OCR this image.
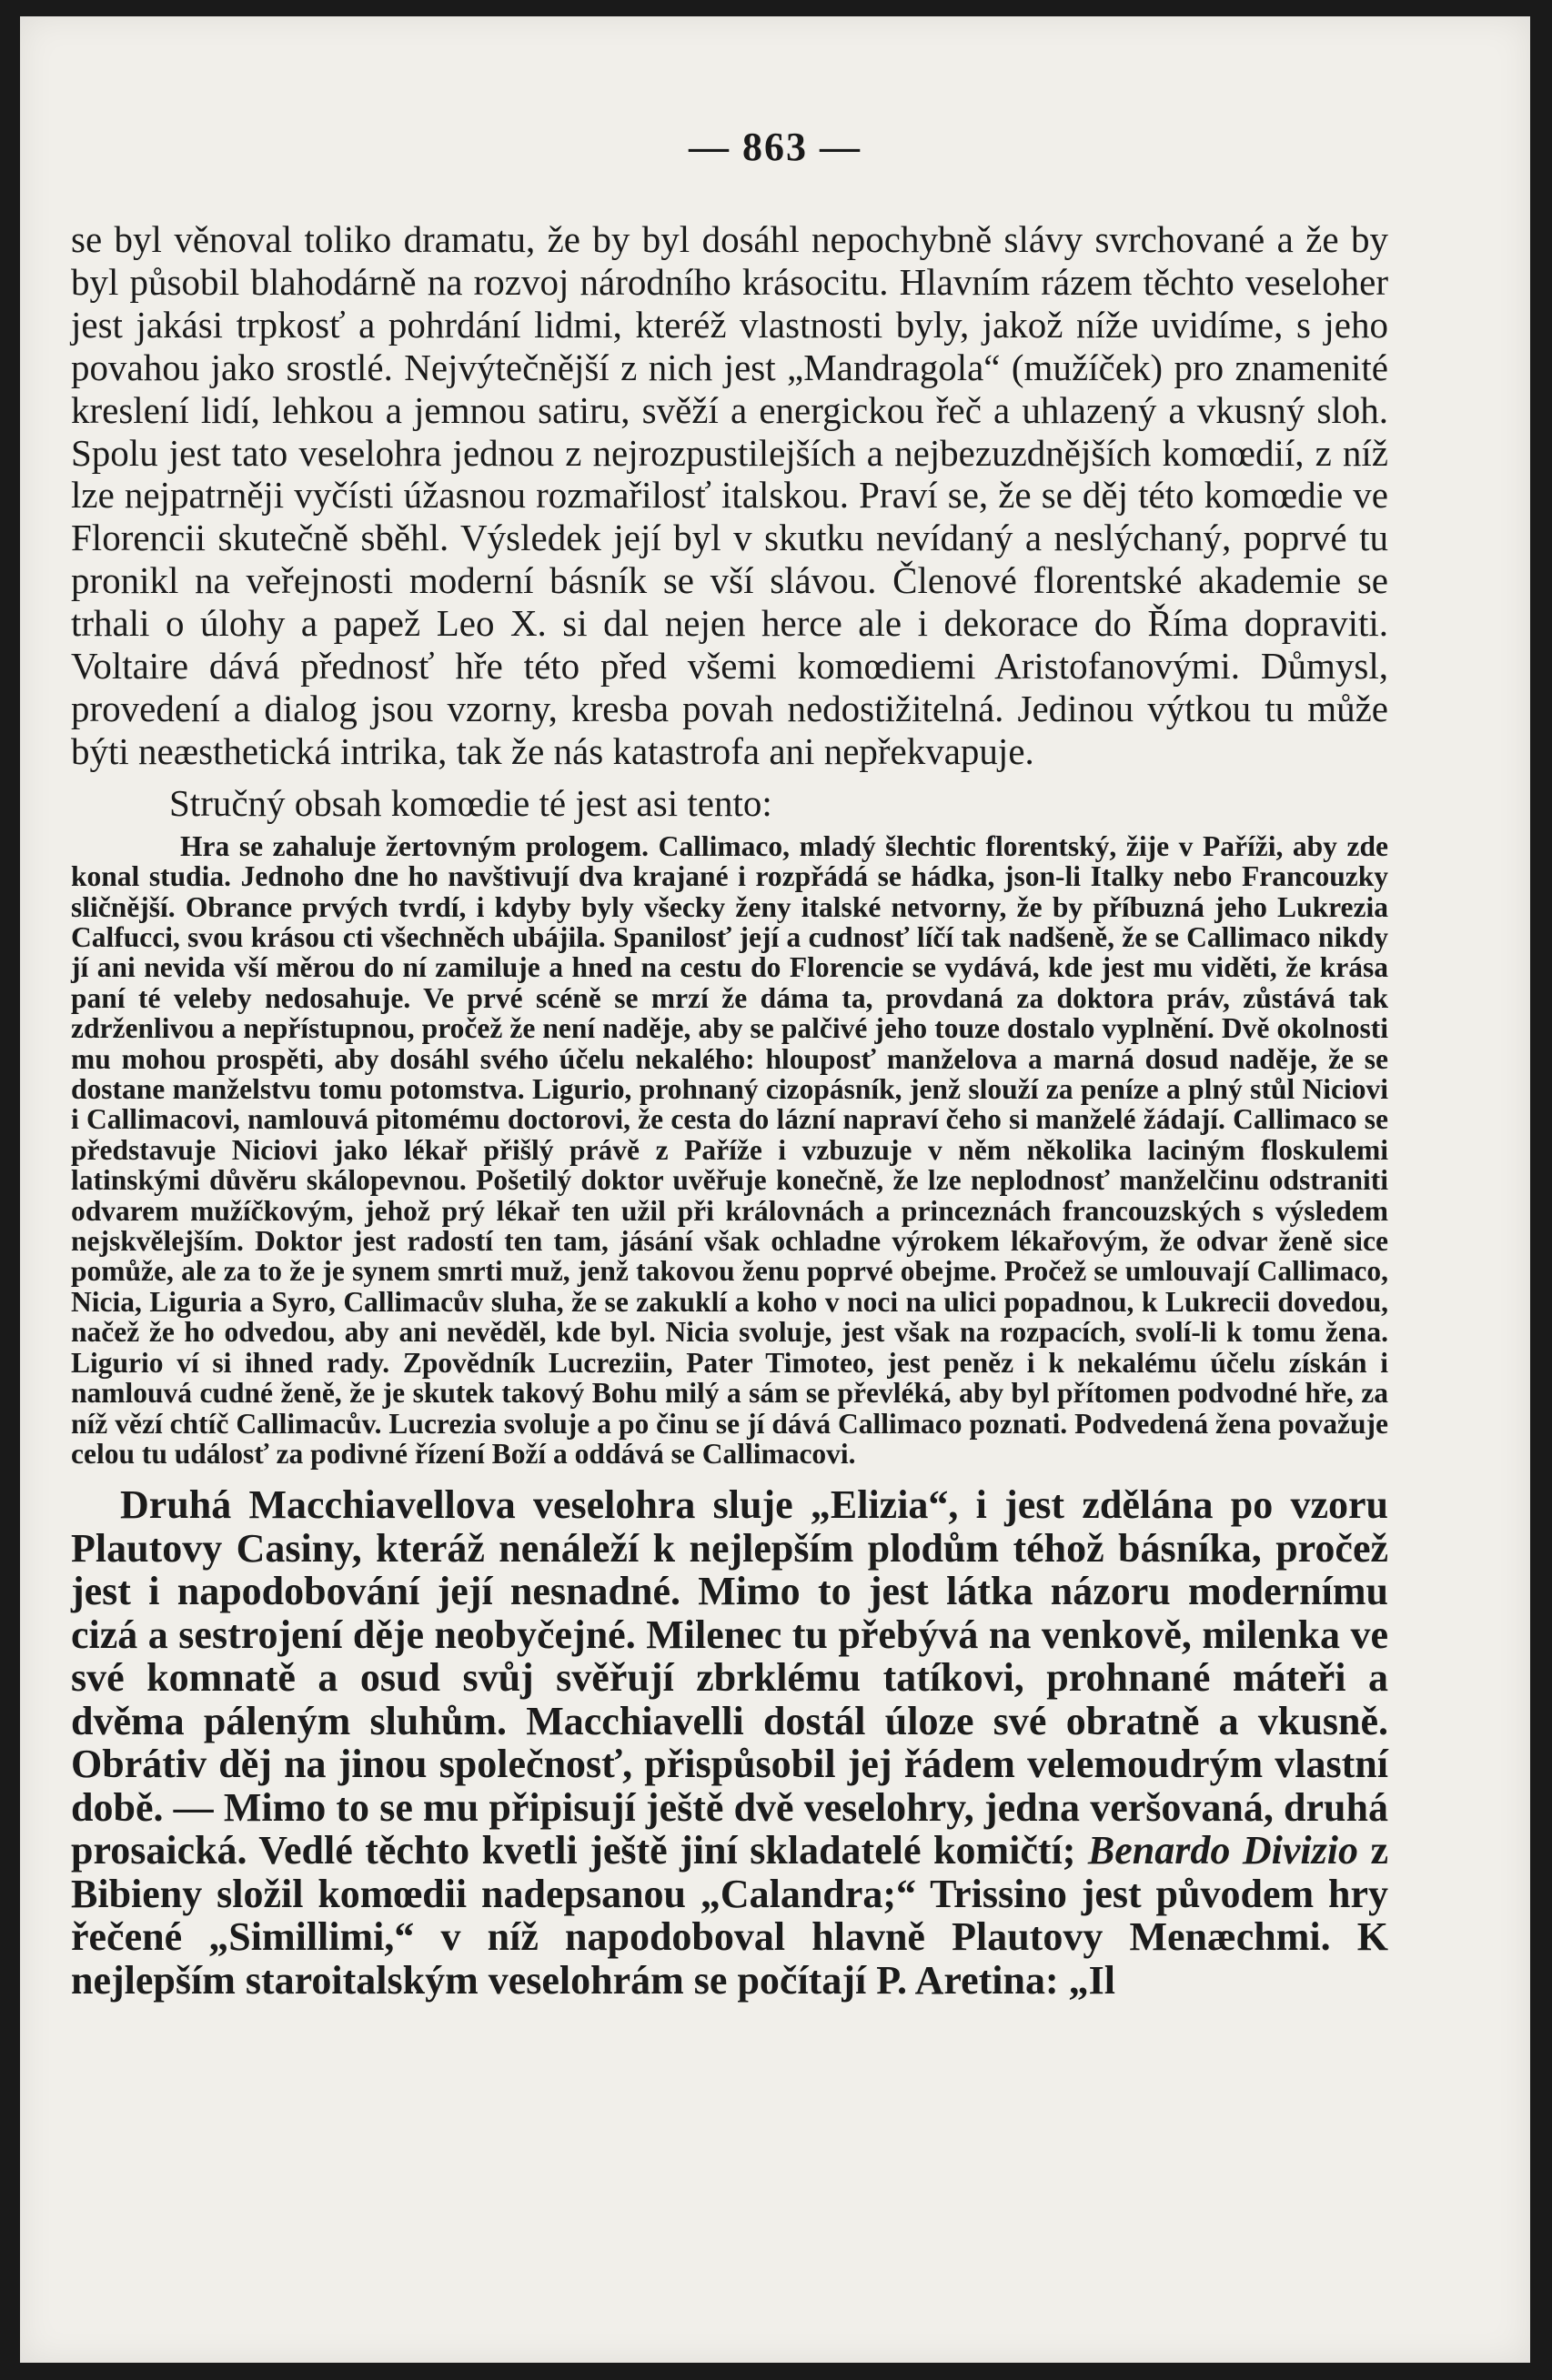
— 863 —

se byl věnoval toliko dramatu, že by byl dosáhl nepochybně slávy svrchované a že by byl působil blahodárně na rozvoj národního krásocitu. Hlavním rázem těchto veseloher jest jakási trpkosť a pohrdání lidmi, kteréž vlastnosti byly, jakož níže uvidíme, s jeho povahou jako srostlé. Nejvýtečnější z nich jest „Mandragola“ (mužíček) pro znamenité kreslení lidí, lehkou a jemnou satiru, svěží a energickou řeč a uhlazený a vkusný sloh. Spolu jest tato veselohra jednou z nejrozpustilejších a nejbezuzdnějších komœdií, z níž lze nejpatrněji vyčísti úžasnou rozmařilosť italskou. Praví se, že se děj této komœdie ve Florencii skutečně sběhl. Výsledek její byl v skutku nevídaný a neslýchaný, poprvé tu pronikl na veřejnosti moderní básník se vší slávou. Členové florentské akademie se trhali o úlohy a papež Leo X. si dal nejen herce ale i dekorace do Říma dopraviti. Voltaire dává přednosť hře této před všemi komœdiemi Aristofanovými. Důmysl, provedení a dialog jsou vzorny, kresba povah nedostižitelná. Jedinou výtkou tu může býti neæsthetická intrika, tak že nás katastrofa ani nepřekvapuje.

Stručný obsah komœdie té jest asi tento:

Hra se zahaluje žertovným prologem. Callimaco, mladý šlechtic florentský, žije v Paříži, aby zde konal studia. Jednoho dne ho navštivují dva krajané i rozpřádá se hádka, json-li Italky nebo Francouzky sličnější. Obrance prvých tvrdí, i kdyby byly všecky ženy italské netvorny, že by příbuzná jeho Lukrezia Calfucci, svou krásou cti všechněch ubájila. Spanilosť její a cudnosť líčí tak nadšeně, že se Callimaco nikdy jí ani nevida vší měrou do ní zamiluje a hned na cestu do Florencie se vydává, kde jest mu viděti, že krása paní té veleby nedosahuje. Ve prvé scéně se mrzí že dáma ta, provdaná za doktora práv, zůstává tak zdrženlivou a nepřístupnou, pročež že není naděje, aby se palčivé jeho touze dostalo vyplnění. Dvě okolnosti mu mohou prospěti, aby dosáhl svého účelu nekalého: hlouposť manželova a marná dosud naděje, že se dostane manželstvu tomu potomstva. Ligurio, prohnaný cizopásník, jenž slouží za peníze a plný stůl Niciovi i Callimacovi, namlouvá pitomému doctorovi, že cesta do lázní napraví čeho si manželé žádají. Callimaco se představuje Niciovi jako lékař přišlý právě z Paříže i vzbuzuje v něm několika laciným floskulemi latinskými důvěru skálopevnou. Pošetilý doktor uvěřuje konečně, že lze neplodnosť manželčinu odstraniti odvarem mužíčkovým, jehož prý lékař ten užil při královnách a princeznách francouzských s výsledem nejskvělejším. Doktor jest radostí ten tam, jásání však ochladne výrokem lékařovým, že odvar ženě sice pomůže, ale za to že je synem smrti muž, jenž takovou ženu poprvé obejme. Pročež se umlouvají Callimaco, Nicia, Liguria a Syro, Callimacův sluha, že se zakuklí a koho v noci na ulici popadnou, k Lukrecii dovedou, načež že ho odvedou, aby ani nevěděl, kde byl. Nicia svoluje, jest však na rozpacích, svolí-li k tomu žena. Ligurio ví si ihned rady. Zpovědník Lucreziin, Pater Timoteo, jest peněz i k nekalému účelu získán i namlouvá cudné ženě, že je skutek takový Bohu milý a sám se převléká, aby byl přítomen podvodné hře, za níž vězí chtíč Callimacův. Lucrezia svoluje a po činu se jí dává Callimaco poznati. Podvedená žena považuje celou tu událosť za podivné řízení Boží a oddává se Callimacovi.

Druhá Macchiavellova veselohra sluje „Elizia“, i jest zdělána po vzoru Plautovy Casiny, kteráž nenáleží k nejlepším plodům téhož básníka, pročež jest i napodobování její nesnadné. Mimo to jest látka názoru modernímu cizá a sestrojení děje neobyčejné. Milenec tu přebývá na venkově, milenka ve své komnatě a osud svůj svěřují zbrklému tatíkovi, prohnané máteři a dvěma páleným sluhům. Macchiavelli dostál úloze své obratně a vkusně. Obrátiv děj na jinou společnosť, přispůsobil jej řádem velemoudrým vlastní době. — Mimo to se mu připisují ještě dvě veselohry, jedna veršovaná, druhá prosaická. Vedlé těchto kvetli ještě jiní skladatelé komičtí; Benardo Divizio z Bibieny složil komœdii nadepsanou „Calandra;“ Trissino jest původem hry řečené „Simillimi,“ v níž napodoboval hlavně Plautovy Menæchmi. K nejlepším staroitalským veselohrám se počítají P. Aretina: „Il
